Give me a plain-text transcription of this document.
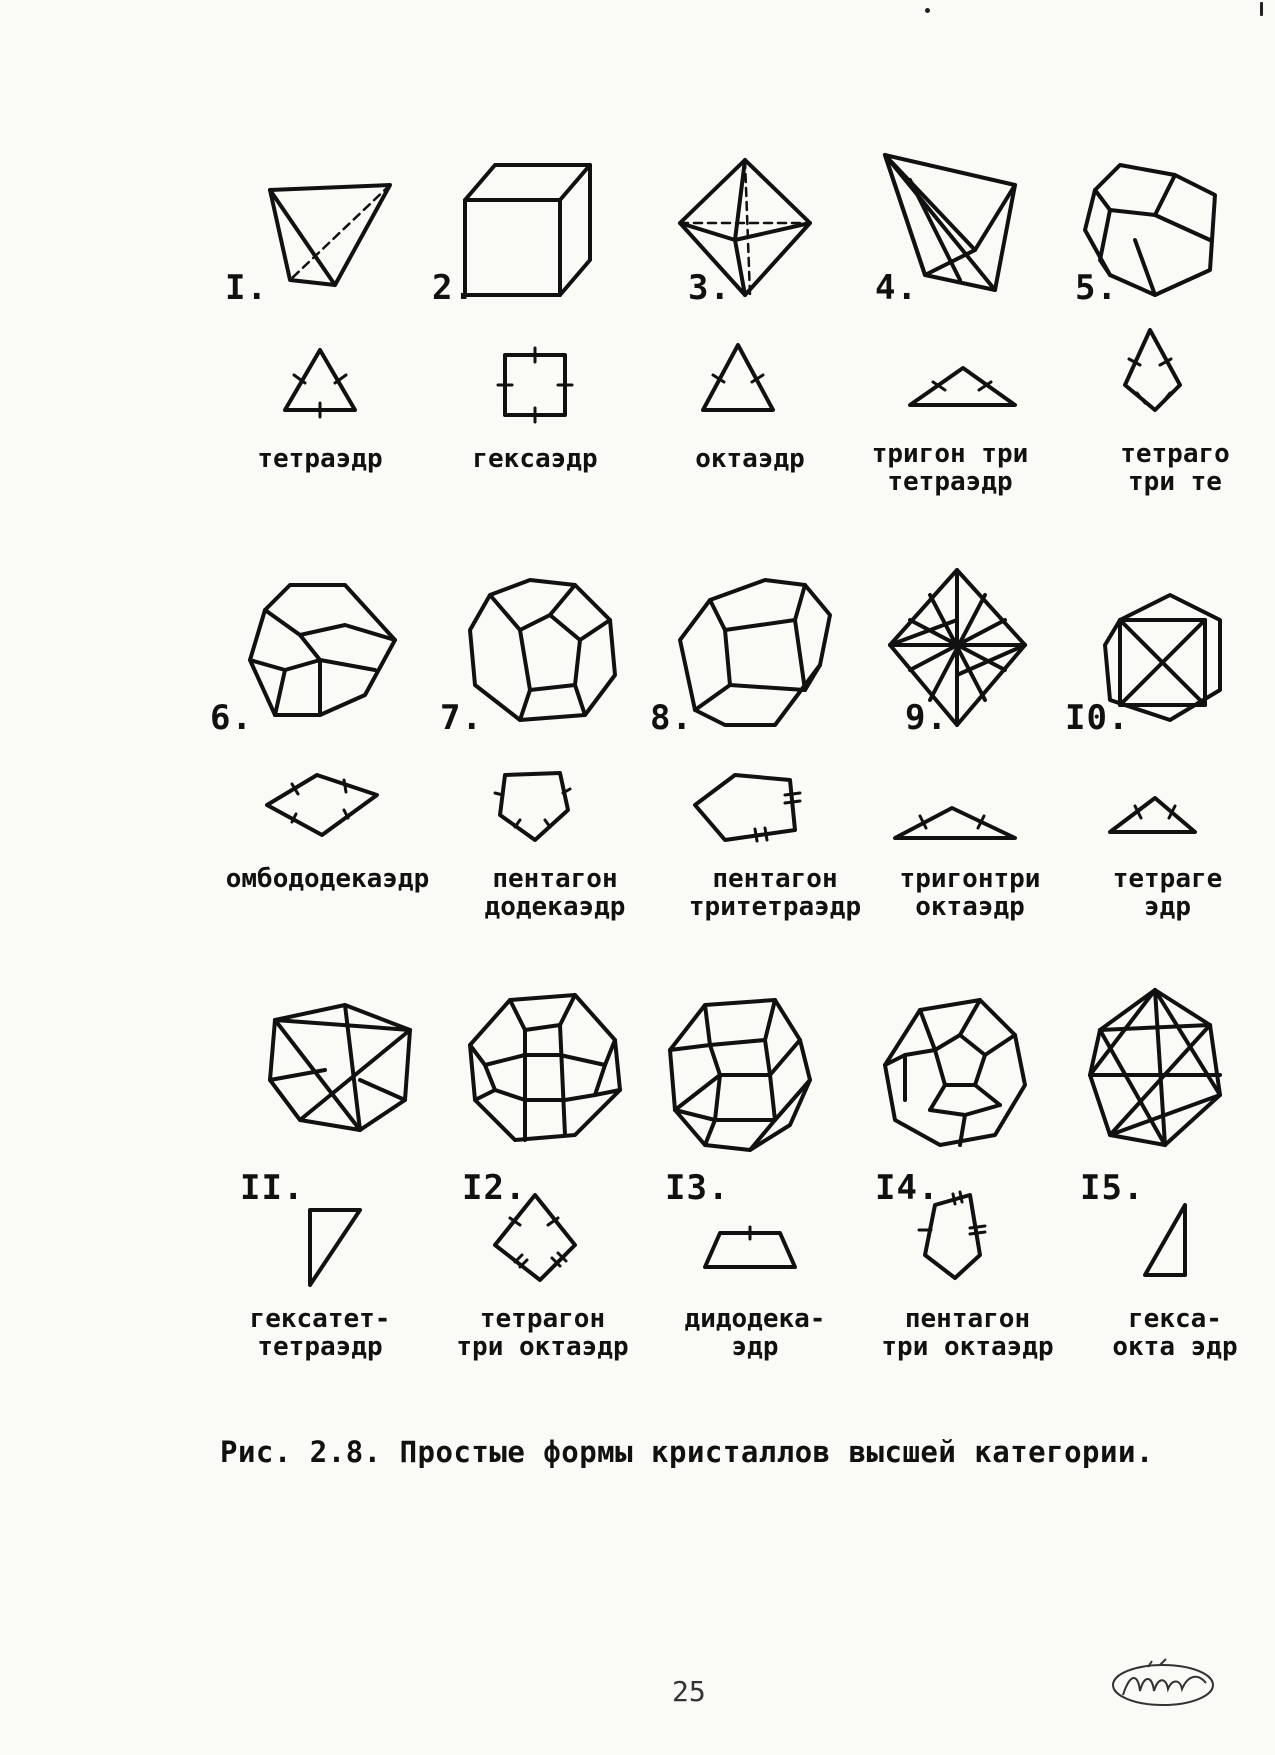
I.
тетраэдр
2.
гексаэдр
3.
октаэдр
4.
тригон три
тетраэдр
5.
тетраго
три те
6.
омбододекаэдр
7.
пентагон
додекаэдр
8.
пентагон
тритетраэдр
9.
тригонтри
октаэдр
I0.
тетраге
эдр
II.
гексатет-
тетраэдр
I2.
тетрагон
три октаэдр
I3.
дидодека-
эдр
I4.
пентагон
три октаэдр
I5.
гекса-
окта эдр
Рис. 2.8. Простые формы кристаллов высшей категории.
25
